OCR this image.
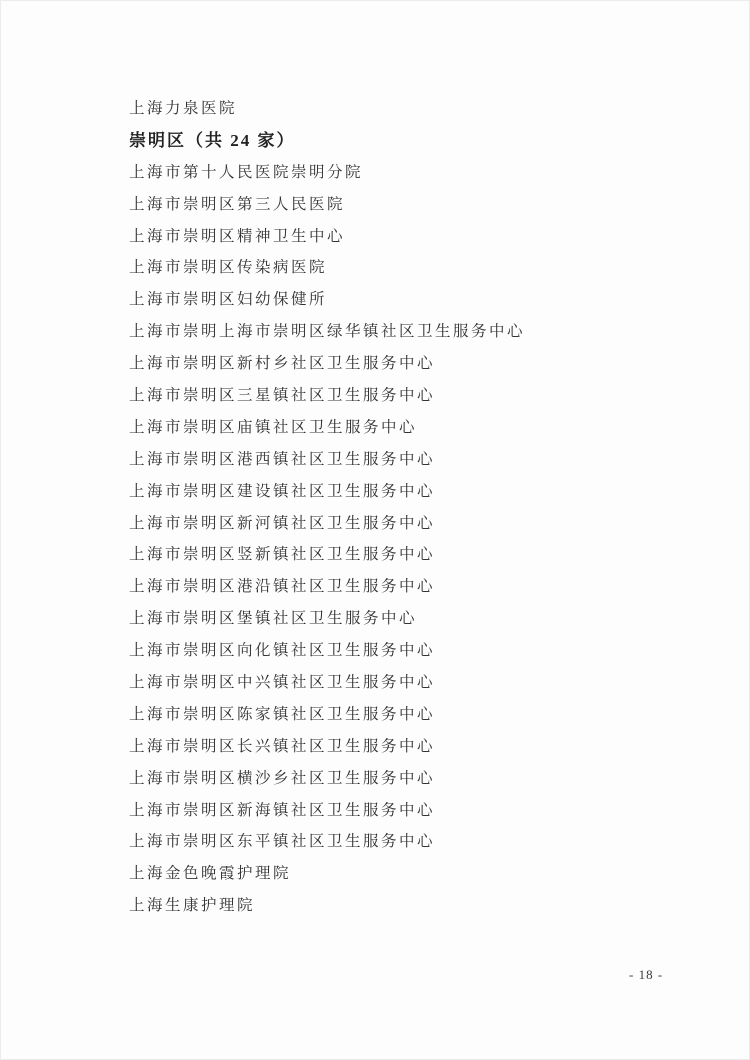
上海力泉医院
崇明区（共 24 家）
上海市第十人民医院崇明分院
上海市崇明区第三人民医院
上海市崇明区精神卫生中心
上海市崇明区传染病医院
上海市崇明区妇幼保健所
上海市崇明上海市崇明区绿华镇社区卫生服务中心
上海市崇明区新村乡社区卫生服务中心
上海市崇明区三星镇社区卫生服务中心
上海市崇明区庙镇社区卫生服务中心
上海市崇明区港西镇社区卫生服务中心
上海市崇明区建设镇社区卫生服务中心
上海市崇明区新河镇社区卫生服务中心
上海市崇明区竖新镇社区卫生服务中心
上海市崇明区港沿镇社区卫生服务中心
上海市崇明区堡镇社区卫生服务中心
上海市崇明区向化镇社区卫生服务中心
上海市崇明区中兴镇社区卫生服务中心
上海市崇明区陈家镇社区卫生服务中心
上海市崇明区长兴镇社区卫生服务中心
上海市崇明区横沙乡社区卫生服务中心
上海市崇明区新海镇社区卫生服务中心
上海市崇明区东平镇社区卫生服务中心
上海金色晚霞护理院
上海生康护理院
- 18 -
